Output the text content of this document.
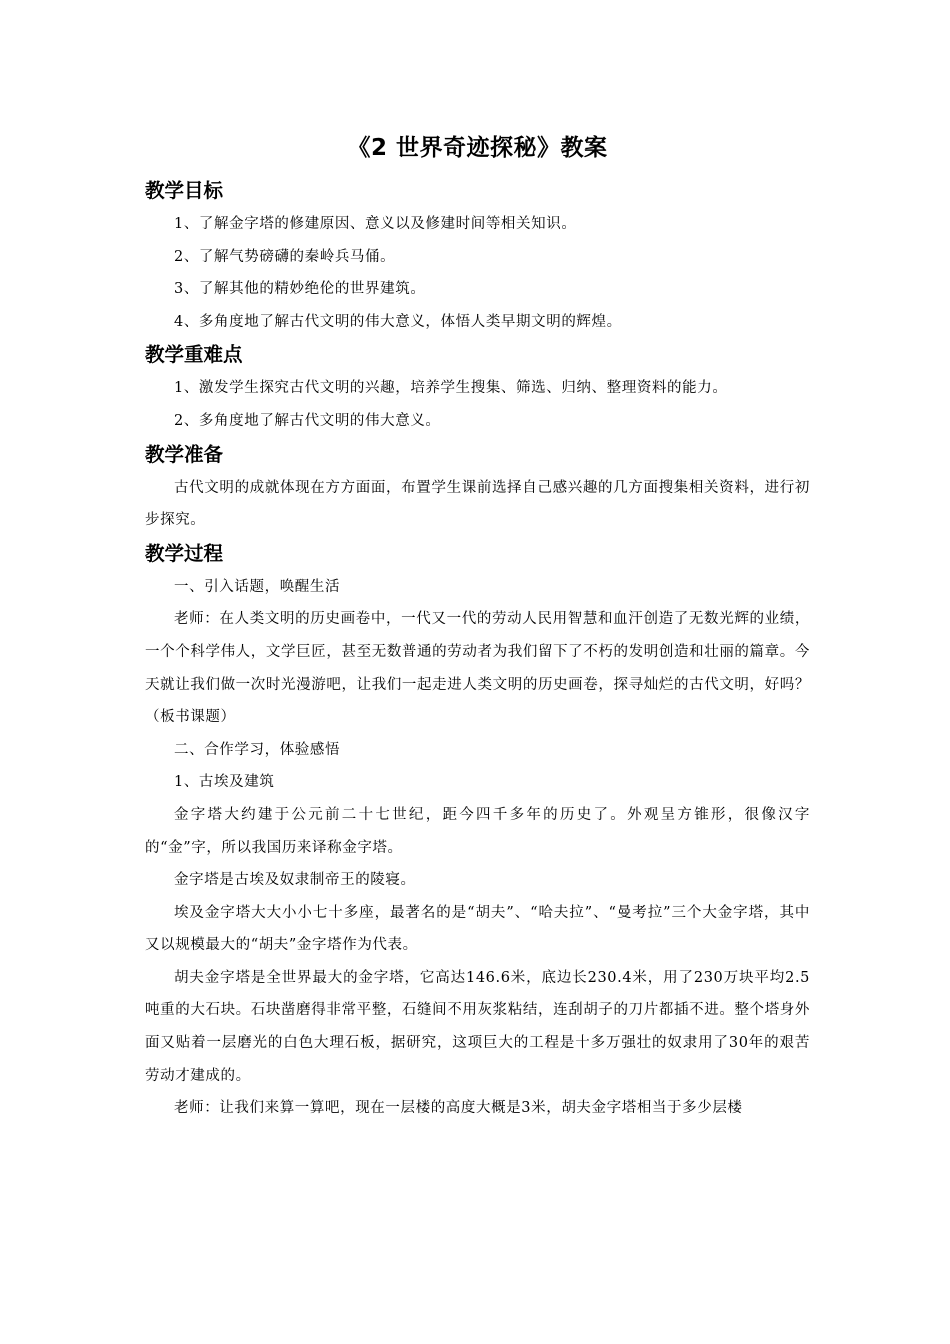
《2 世界奇迹探秘》教案
教学目标
1、了解金字塔的修建原因、意义以及修建时间等相关知识。
2、了解气势磅礴的秦岭兵马俑。
3、了解其他的精妙绝伦的世界建筑。
4、多角度地了解古代文明的伟大意义，体悟人类早期文明的辉煌。
教学重难点
1、激发学生探究古代文明的兴趣，培养学生搜集、筛选、归纳、整理资料的能力。
2、多角度地了解古代文明的伟大意义。
教学准备
古代文明的成就体现在方方面面，布置学生课前选择自己感兴趣的几方面搜集相关资料，进行初步探究。
教学过程
一、引入话题，唤醒生活
老师：在人类文明的历史画卷中，一代又一代的劳动人民用智慧和血汗创造了无数光辉的业绩，一个个科学伟人，文学巨匠，甚至无数普通的劳动者为我们留下了不朽的发明创造和壮丽的篇章。今天就让我们做一次时光漫游吧，让我们一起走进人类文明的历史画卷，探寻灿烂的古代文明，好吗？（板书课题）
二、合作学习，体验感悟
1、古埃及建筑
金字塔大约建于公元前二十七世纪，距今四千多年的历史了。外观呈方锥形，很像汉字的“金”字，所以我国历来译称金字塔。
金字塔是古埃及奴隶制帝王的陵寝。
埃及金字塔大大小小七十多座，最著名的是“胡夫”、“哈夫拉”、“曼考拉”三个大金字塔，其中又以规模最大的“胡夫”金字塔作为代表。
胡夫金字塔是全世界最大的金字塔，它高达146.6米，底边长230.4米，用了230万块平均2.5吨重的大石块。石块凿磨得非常平整，石缝间不用灰浆粘结，连刮胡子的刀片都插不进。整个塔身外面又贴着一层磨光的白色大理石板，据研究，这项巨大的工程是十多万强壮的奴隶用了30年的艰苦劳动才建成的。
老师：让我们来算一算吧，现在一层楼的高度大概是3米，胡夫金字塔相当于多少层楼
